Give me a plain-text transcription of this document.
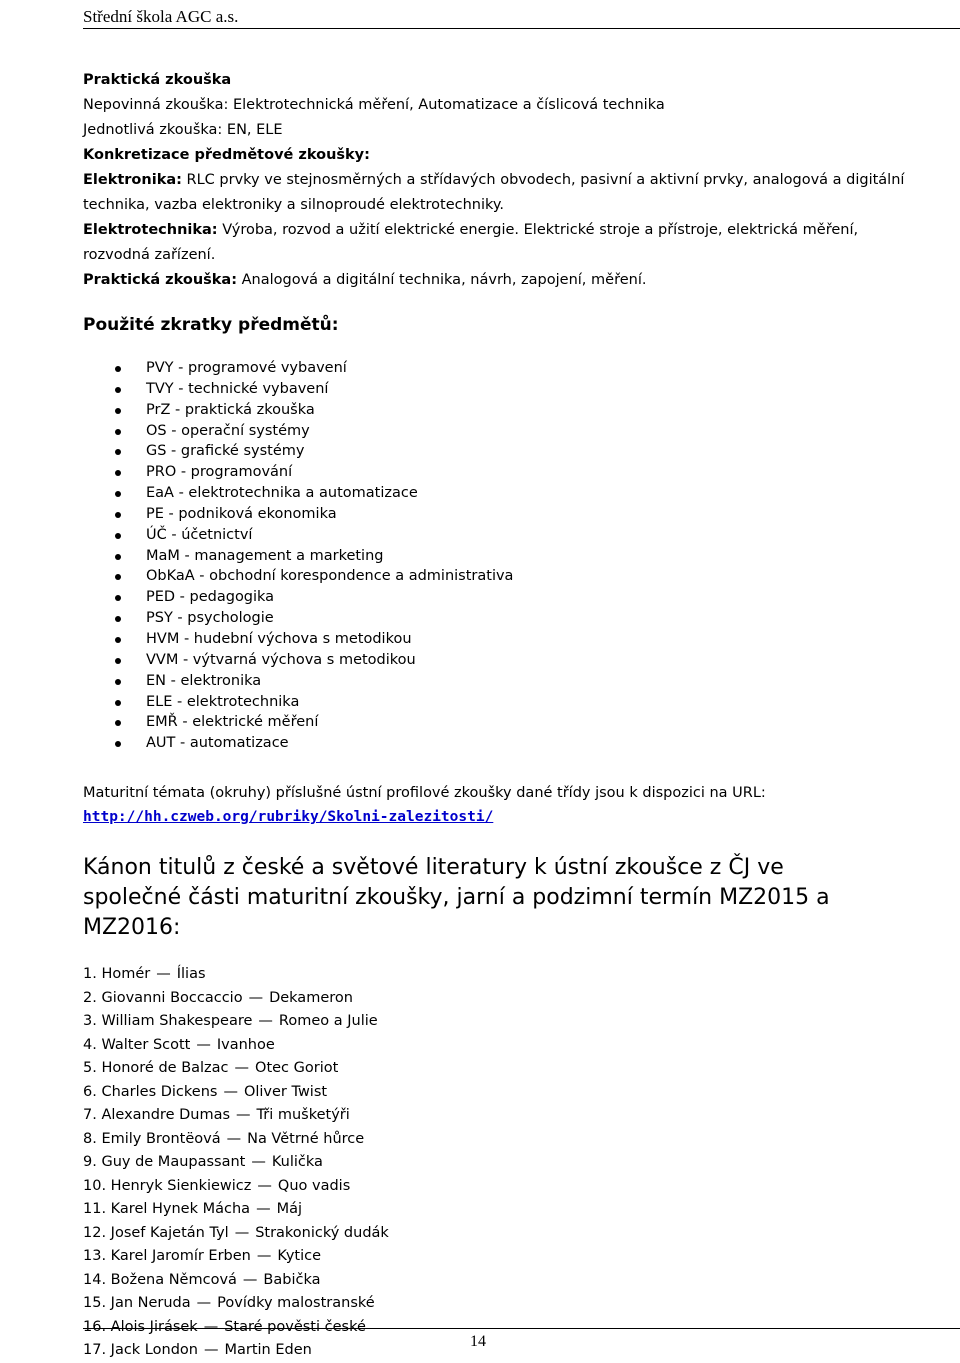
Střední škola AGC a.s.
Praktická zkouška
Nepovinná zkouška: Elektrotechnická měření, Automatizace a číslicová technika
Jednotlivá zkouška: EN, ELE
Konkretizace předmětové zkoušky:
Elektronika: RLC prvky ve stejnosměrných a střídavých obvodech, pasivní a aktivní prvky, analogová a digitální
technika, vazba elektroniky a silnoproudé elektrotechniky.
Elektrotechnika: Výroba, rozvod a užití elektrické energie. Elektrické stroje a přístroje, elektrická měření,
rozvodná zařízení.
Praktická zkouška: Analogová a digitální technika, návrh, zapojení, měření.
Použité zkratky předmětů:
PVY - programové vybavení
TVY - technické vybavení
PrZ - praktická zkouška
OS - operační systémy
GS - grafické systémy
PRO - programování
EaA - elektrotechnika a automatizace
PE - podniková ekonomika
ÚČ - účetnictví
MaM - management a marketing
ObKaA - obchodní korespondence a administrativa
PED - pedagogika
PSY - psychologie
HVM - hudební výchova s metodikou
VVM - výtvarná výchova s metodikou
EN - elektronika
ELE - elektrotechnika
EMŘ - elektrické měření
AUT - automatizace
Maturitní témata (okruhy) příslušné ústní profilové zkoušky dané třídy jsou k dispozici na URL:
http://hh.czweb.org/rubriky/Skolni-zalezitosti/
Kánon titulů z české a světové literatury k ústní zkoušce z ČJ ve společné části maturitní zkoušky, jarní a podzimní termín MZ2015 a MZ2016:
1. Homér — Ílias
2. Giovanni Boccaccio — Dekameron
3. William Shakespeare — Romeo a Julie
4. Walter Scott — Ivanhoe
5. Honoré de Balzac — Otec Goriot
6. Charles Dickens — Oliver Twist
7. Alexandre Dumas — Tři mušketýři
8. Emily Brontëová — Na Větrné hůrce
9. Guy de Maupassant — Kulička
10. Henryk Sienkiewicz — Quo vadis
11. Karel Hynek Mácha — Máj
12. Josef Kajetán Tyl — Strakonický dudák
13. Karel Jaromír Erben — Kytice
14. Božena Němcová — Babička
15. Jan Neruda — Povídky malostranské
16. Alois Jirásek — Staré pověsti české
17. Jack London — Martin Eden
14
